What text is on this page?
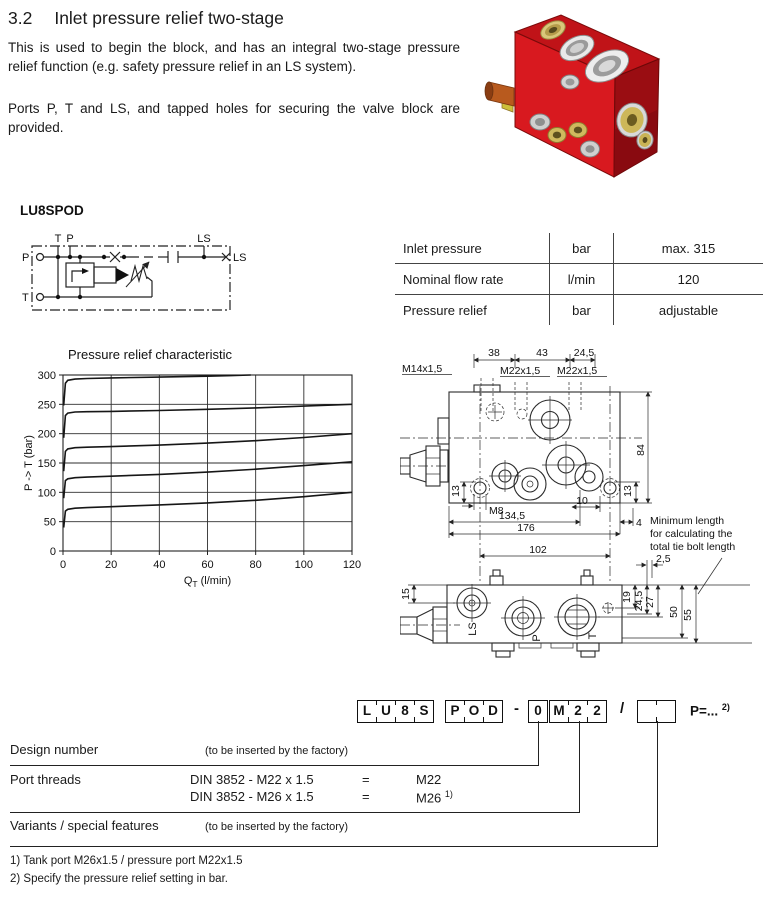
3.2 Inlet pressure relief two-stage

This is used to begin the block, and has an integral two-stage pressure relief function (e.g. safety pressure relief in an LS system).

Ports P, T and LS, and tapped holes for securing the valve block are provided.

LU8SPOD
T P	LS
P
T
LS
Inlet pressure	bar	max. 315
Nominal flow rate	l/min	120
Pressure relief	bar	adjustable
0	20	40	60	80	100	120
0
50
100
150
200
250
300
Pressure relief characteristic
P -> T (bar)
$Q_T$ (l/min)
38	43 24,5
M14x1,5	M22x1,5 M22x1,5
84
13	13
M8
10
134,5
176	4
102
2,5
15	19 24,5 27
50 55
LS
P	T
Minimum length
for calculating the
total tie bolt length
L U 8 S	P O D -	0 M 2 2	/	P=... $^{2)}$
Design number	(to be inserted by the factory)
Port threads	DIN 3852 - M22 x 1.5	=	M22
DIN 3852 - M26 x 1.5	=	M26 $^{1)}$
Variants / special features	(to be inserted by the factory)
1) Tank port M26x1.5 / pressure port M22x1.5
2) Specify the pressure relief setting in bar.
